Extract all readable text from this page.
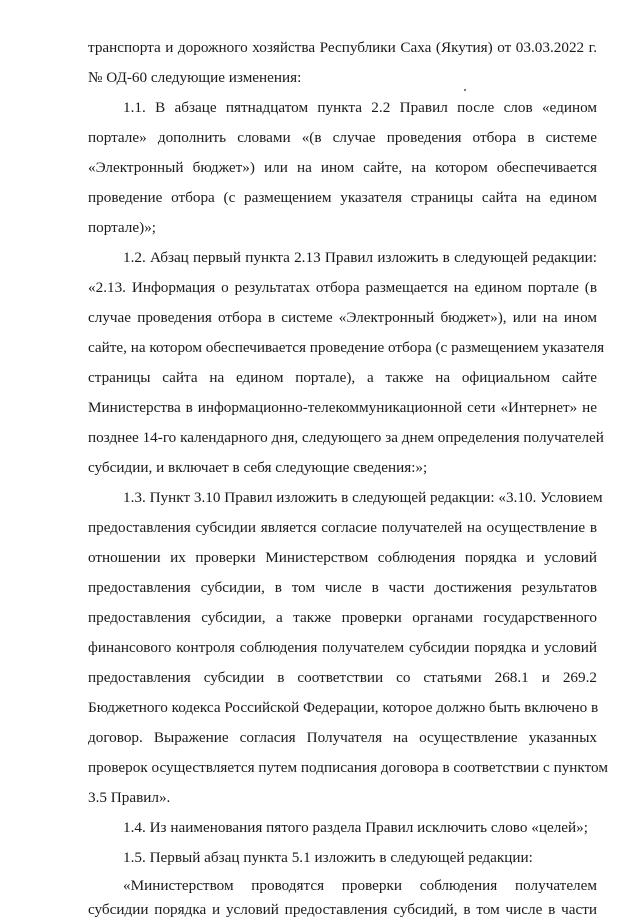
транспорта и дорожного хозяйства Республики Саха (Якутия) от 03.03.2022 г.
№ ОД-60 следующие изменения:
1.1. В абзаце пятнадцатом пункта 2.2 Правил после слов «едином
портале» дополнить словами «(в случае проведения отбора в системе
«Электронный бюджет») или на ином сайте, на котором обеспечивается
проведение отбора (с размещением указателя страницы сайта на едином
портале)»;
1.2. Абзац первый пункта 2.13 Правил изложить в следующей редакции:
«2.13. Информация о результатах отбора размещается на едином портале (в
случае проведения отбора в системе «Электронный бюджет»), или на ином
сайте, на котором обеспечивается проведение отбора (с размещением указателя
страницы сайта на едином портале), а также на официальном сайте
Министерства в информационно-телекоммуникационной сети «Интернет» не
позднее 14-го календарного дня, следующего за днем определения получателей
субсидии, и включает в себя следующие сведения:»;
1.3. Пункт 3.10 Правил изложить в следующей редакции: «3.10. Условием
предоставления субсидии является согласие получателей на осуществление в
отношении их проверки Министерством соблюдения порядка и условий
предоставления субсидии, в том числе в части достижения результатов
предоставления субсидии, а также проверки органами государственного
финансового контроля соблюдения получателем субсидии порядка и условий
предоставления субсидии в соответствии со статьями 268.1 и 269.2
Бюджетного кодекса Российской Федерации, которое должно быть включено в
договор. Выражение согласия Получателя на осуществление указанных
проверок осуществляется путем подписания договора в соответствии с пунктом
3.5 Правил».
1.4. Из наименования пятого раздела Правил исключить слово «целей»;
1.5. Первый абзац пункта 5.1 изложить в следующей редакции:
«Министерством проводятся проверки соблюдения получателем
субсидии порядка и условий предоставления субсидий, в том числе в части
